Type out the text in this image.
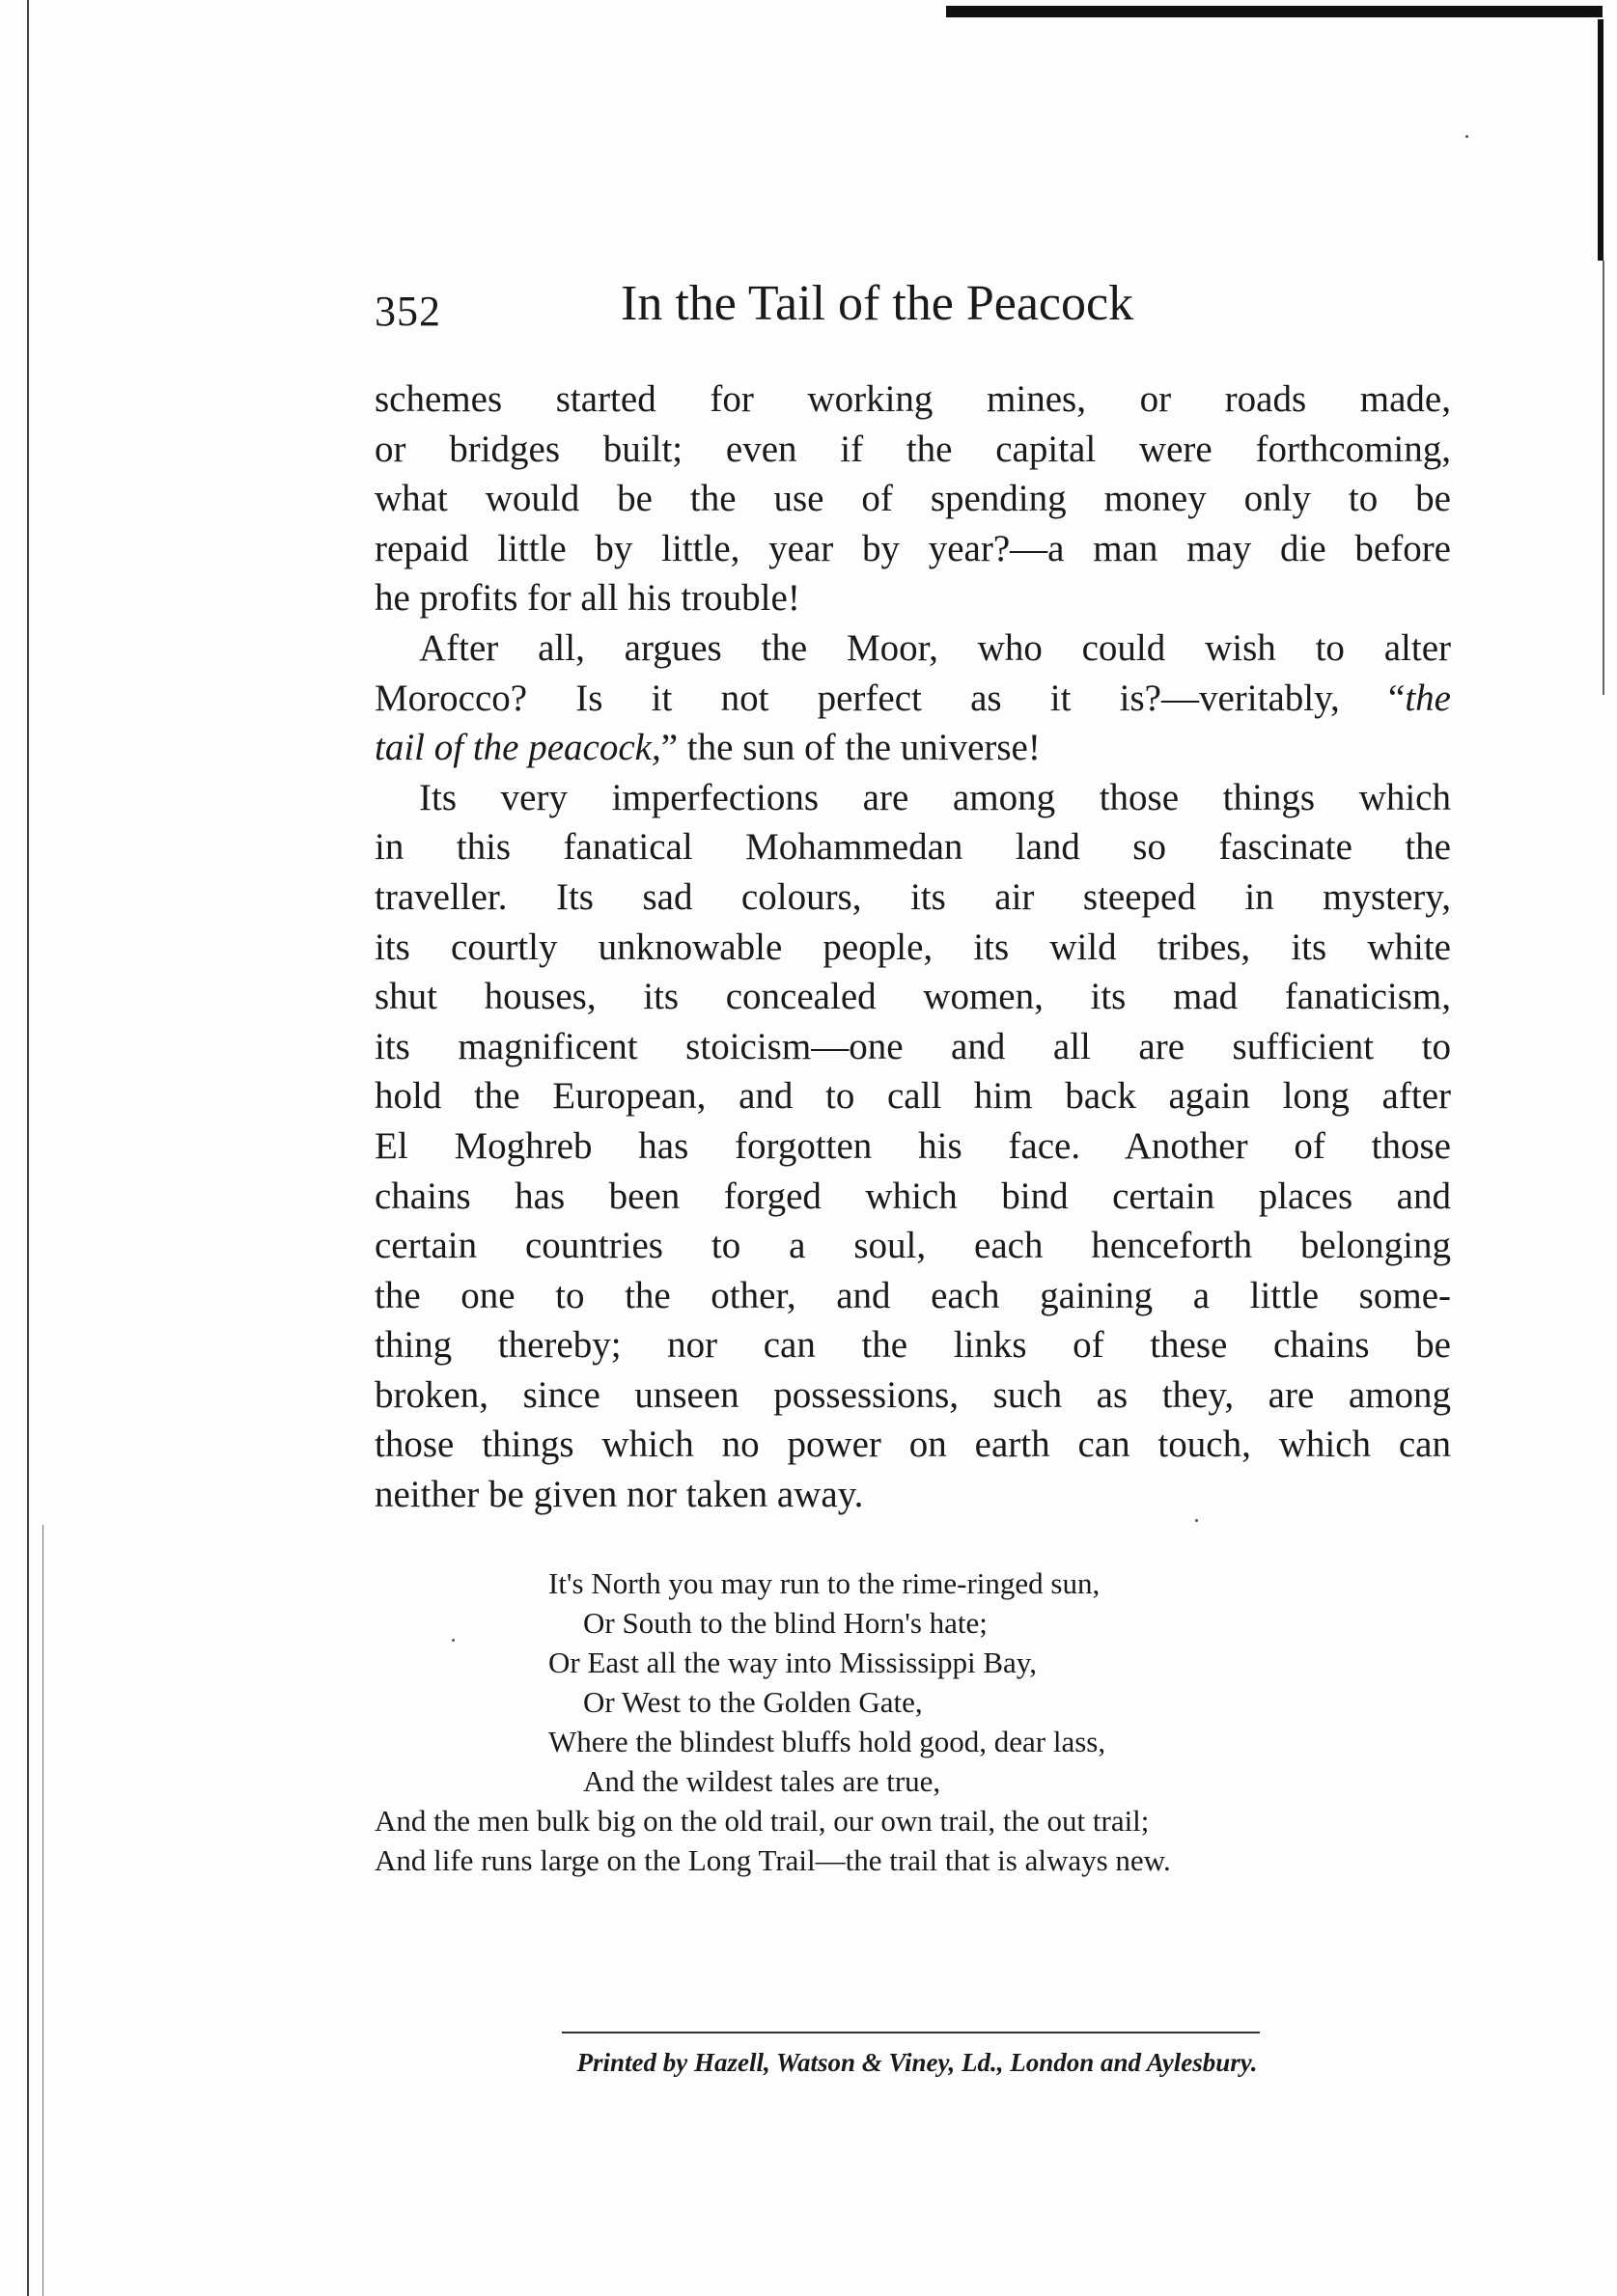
352	In the Tail of the Peacock
schemes started for working mines, or roads made,
or bridges built; even if the capital were forthcoming,
what would be the use of spending money only to be
repaid little by little, year by year?—a man may die before
he profits for all his trouble!
After all, argues the Moor, who could wish to alter
Morocco? Is it not perfect as it is?—veritably, “the
tail of the peacock,” the sun of the universe!
Its very imperfections are among those things which
in this fanatical Mohammedan land so fascinate the
traveller. Its sad colours, its air steeped in mystery,
its courtly unknowable people, its wild tribes, its white
shut houses, its concealed women, its mad fanaticism,
its magnificent stoicism—one and all are sufficient to
hold the European, and to call him back again long after
El Moghreb has forgotten his face. Another of those
chains has been forged which bind certain places and
certain countries to a soul, each henceforth belonging
the one to the other, and each gaining a little some-
thing thereby; nor can the links of these chains be
broken, since unseen possessions, such as they, are among
those things which no power on earth can touch, which can
neither be given nor taken away.
It's North you may run to the rime-ringed sun,
Or South to the blind Horn's hate;
Or East all the way into Mississippi Bay,
Or West to the Golden Gate,
Where the blindest bluffs hold good, dear lass,
And the wildest tales are true,
And the men bulk big on the old trail, our own trail, the out trail;
And life runs large on the Long Trail—the trail that is always new.
Printed by Hazell, Watson & Viney, Ld., London and Aylesbury.
